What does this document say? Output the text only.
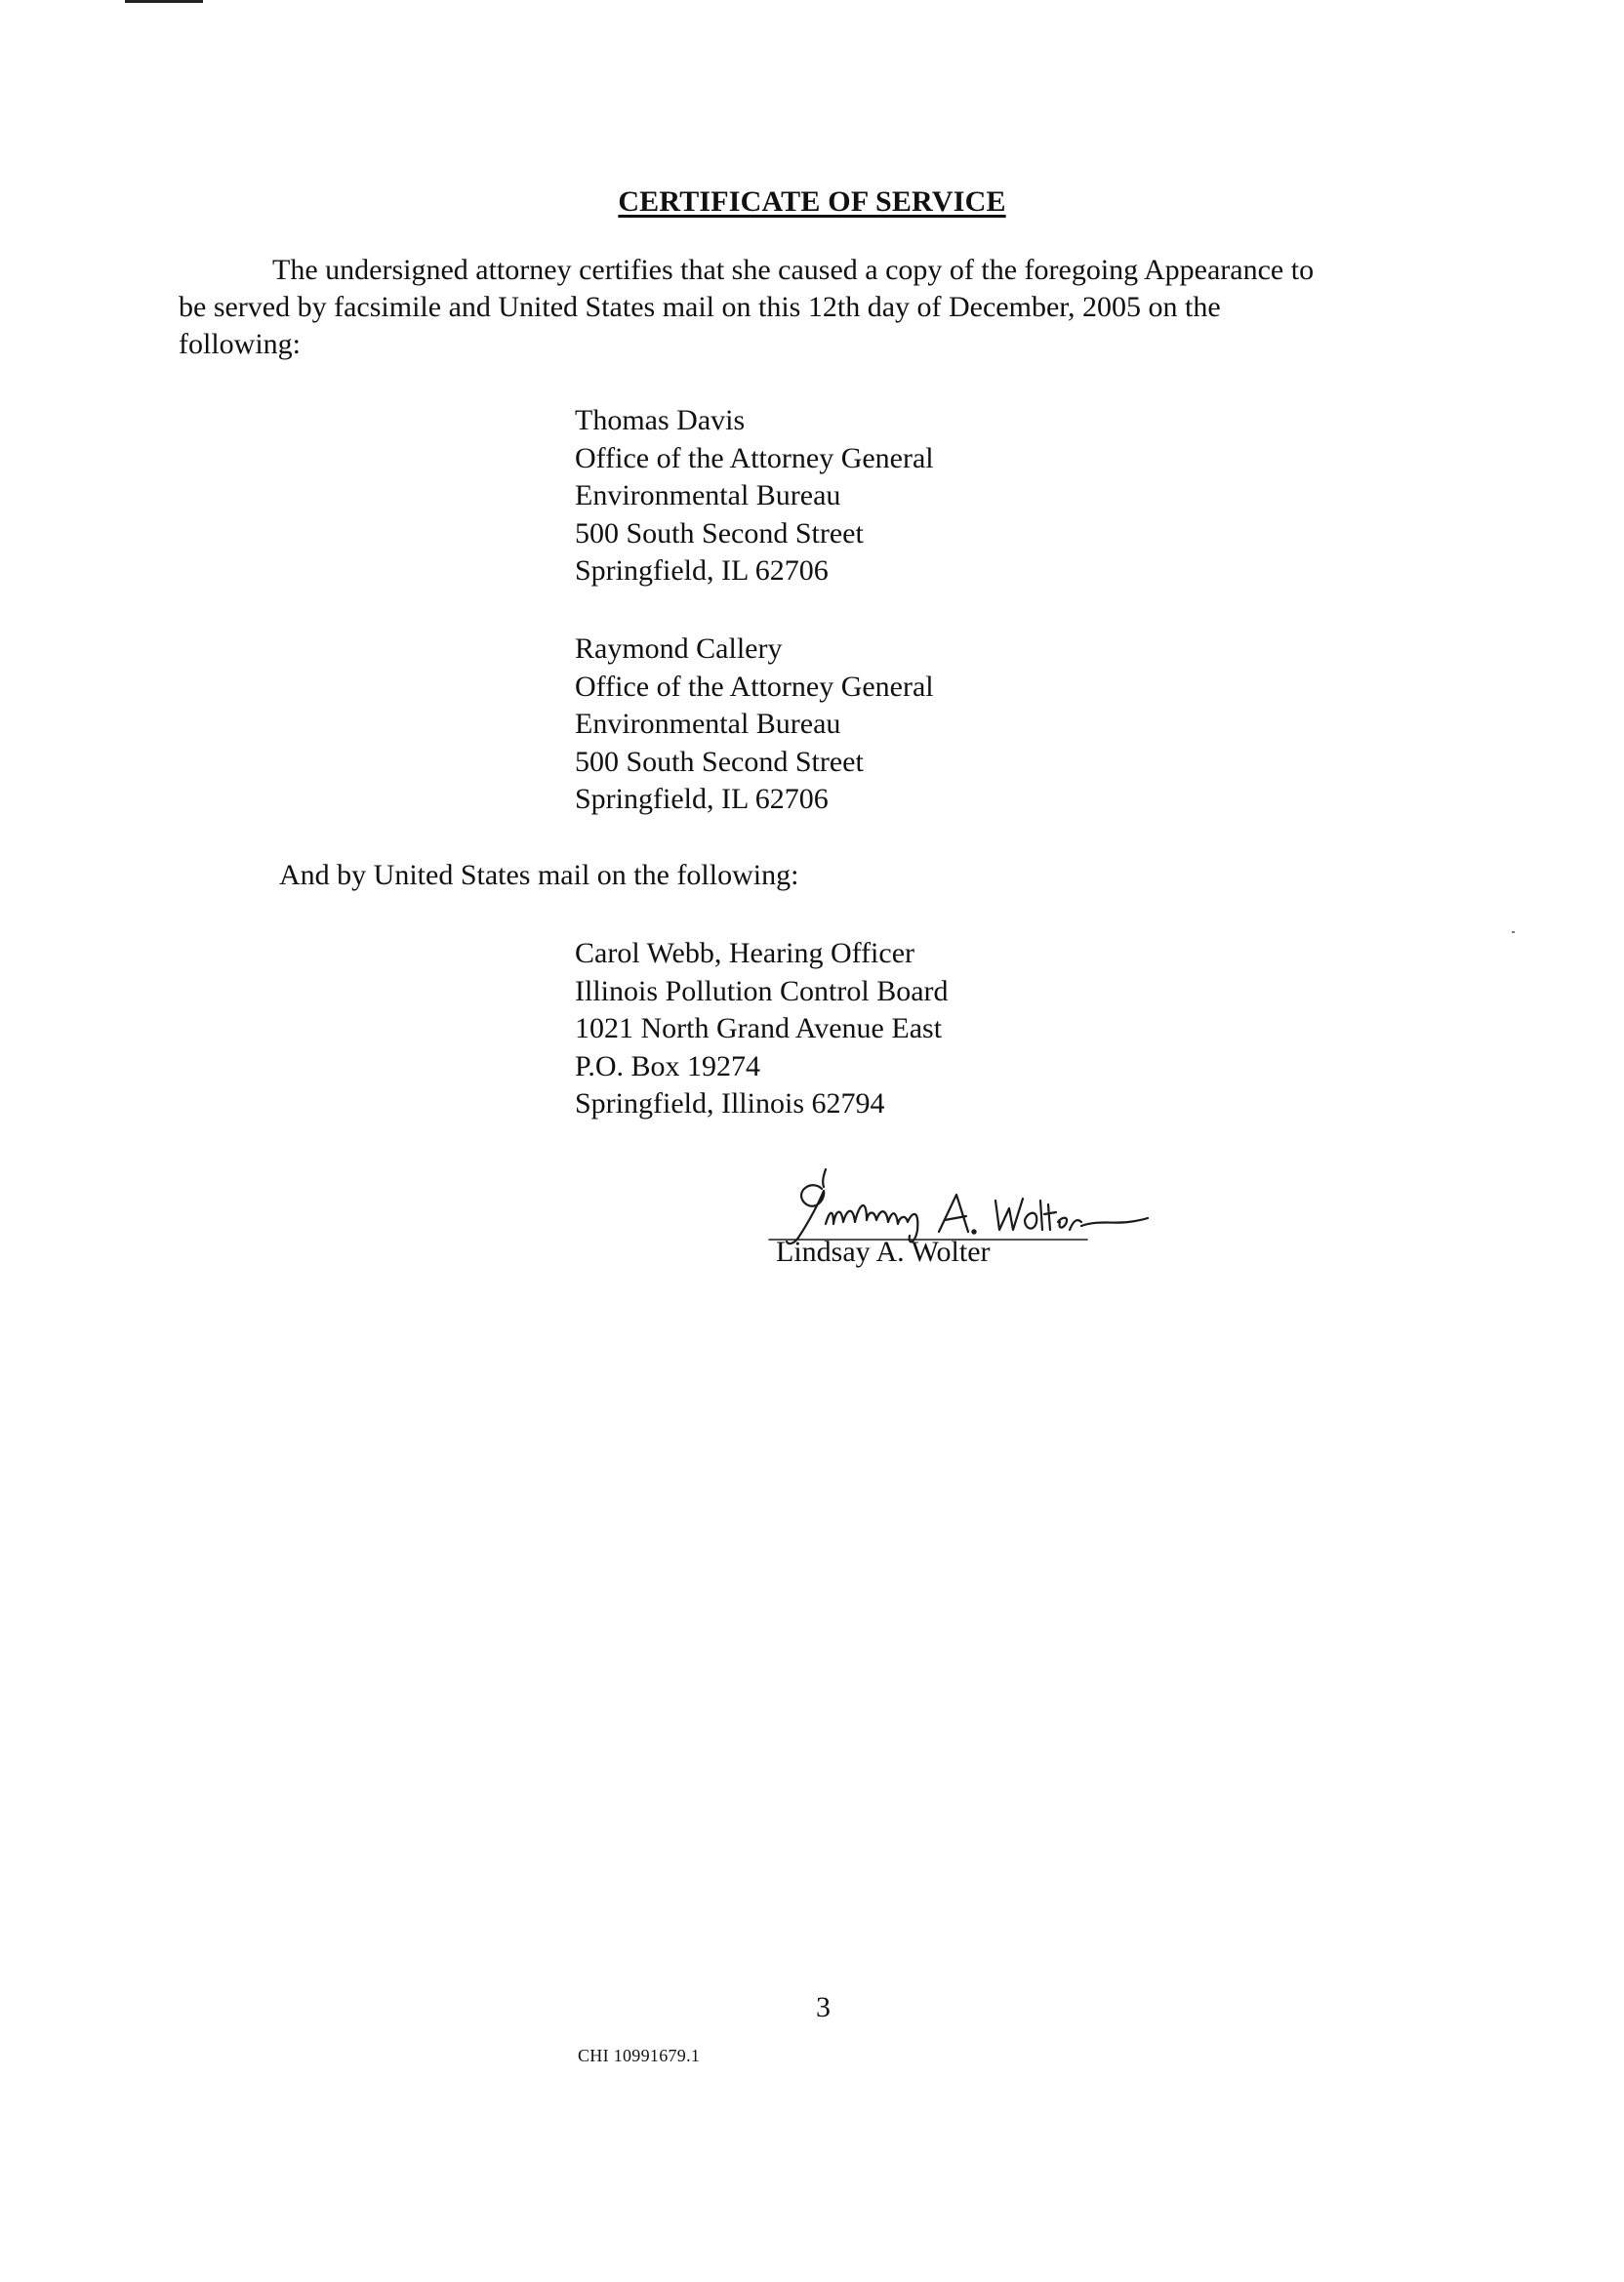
CERTIFICATE OF SERVICE
The undersigned attorney certifies that she caused a copy of the foregoing Appearance to
be served by facsimile and United States mail on this 12th day of December, 2005 on the
following:
Thomas Davis
Office of the Attorney General
Environmental Bureau
500 South Second Street
Springfield, IL 62706
Raymond Callery
Office of the Attorney General
Environmental Bureau
500 South Second Street
Springfield, IL 62706
And by United States mail on the following:
Carol Webb, Hearing Officer
Illinois Pollution Control Board
1021 North Grand Avenue East
P.O. Box 19274
Springfield, Illinois 62794
Lindsay A. Wolter
3
CHI 10991679.1
